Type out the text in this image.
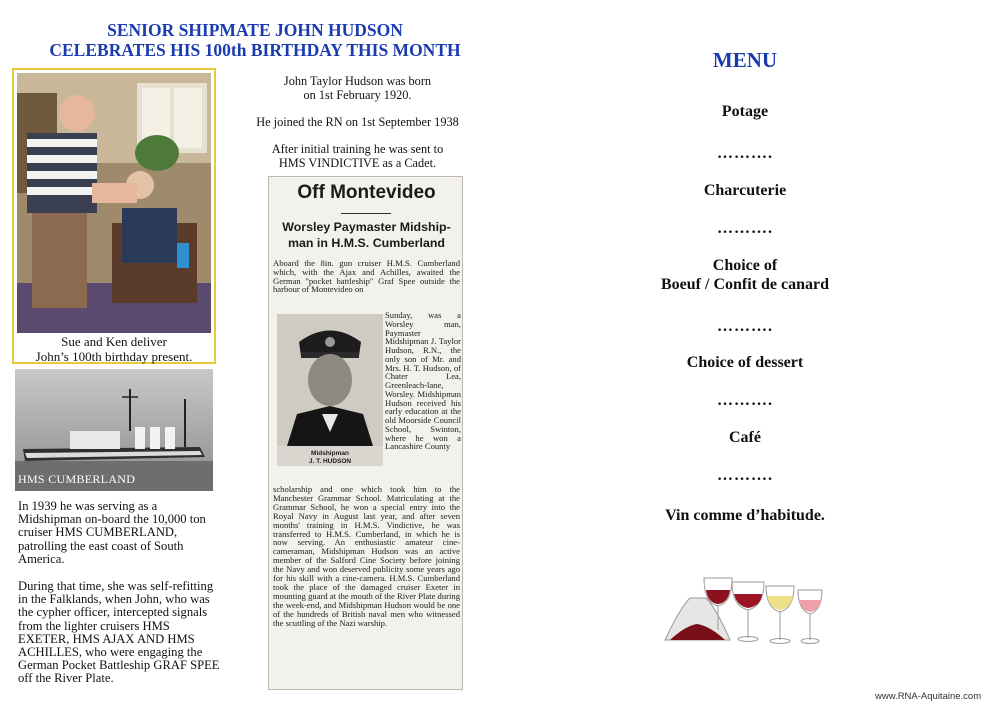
SENIOR SHIPMATE JOHN HUDSON
CELEBRATES HIS 100th BIRTHDAY THIS MONTH
Sue and Ken deliver
John’s 100th birthday present.
HMS CUMBERLAND
In 1939 he was serving as a Midshipman on-board the 10,000 ton cruiser HMS CUMBERLAND, patrolling the east coast of South America.
During that time, she was self-refitting in the Falklands, when John, who was the cypher officer, intercepted signals from the lighter cruisers HMS EXETER, HMS AJAX AND HMS ACHILLES, who were engaging the German Pocket Battleship GRAF SPEE off the River Plate.
John Taylor Hudson was born
on 1st February 1920.
He joined the RN on 1st September 1938
After initial training he was sent to
HMS VINDICTIVE as a Cadet.
Off Montevideo
Worsley Paymaster Midship-
man in H.M.S. Cumberland
Aboard the 8in. gun cruiser H.M.S. Cumberland which, with the Ajax and Achilles, awaited the German "pocket battleship" Graf Spee outside the harbour of Montevideo on
Midshipman
J. T. HUDSON
Sunday, was a Worsley man, Paymaster Midshipman J. Taylor Hudson, R.N., the only son of Mr. and Mrs. H. T. Hudson, of Chater Lea, Greenleach-lane, Worsley. Midshipman Hudson received his early education at the old Moorside Council School, Swinton, where he won a Lancashire County
scholarship and one which took him to the Manchester Grammar School. Matriculating at the Grammar School, he won a special entry into the Royal Navy in August last year, and after seven months' training in H.M.S. Vindictive, he was transferred to H.M.S. Cumberland, in which he is now serving. An enthusiastic amateur cine-cameraman, Midshipman Hudson was an active member of the Salford Cine Society before joining the Navy and won deserved publicity some years ago for his skill with a cine-camera. H.M.S. Cumberland took the place of the damaged cruiser Exeter in mounting guard at the mouth of the River Plate during the week-end, and Midshipman Hudson would be one of the hundreds of British naval men who witnessed the scuttling of the Nazi warship.
MENU
Potage
……….
Charcuterie
……….
Choice of
Boeuf / Confit de canard
……….
Choice of dessert
……….
Café
……….
Vin comme d’habitude.
www.RNA-Aquitaine.com
